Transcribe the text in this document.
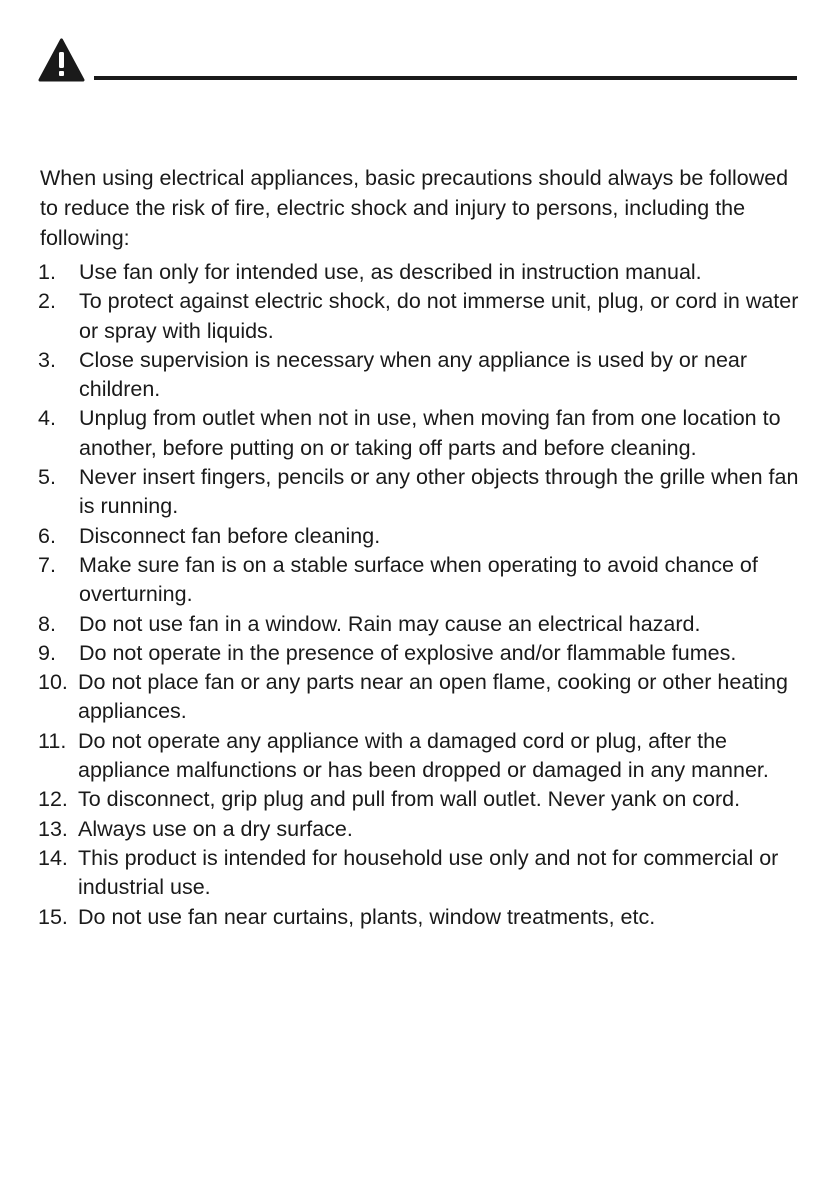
When using electrical appliances, basic precautions should always be followed to reduce the risk of fire, electric shock and injury to persons, including the following:

1. Use fan only for intended use, as described in instruction manual.
2. To protect against electric shock, do not immerse unit, plug, or cord in water or spray with liquids.
3. Close supervision is necessary when any appliance is used by or near children.
4. Unplug from outlet when not in use, when moving fan from one location to another, before putting on or taking off parts and before cleaning.
5. Never insert fingers, pencils or any other objects through the grille when fan is running.
6. Disconnect fan before cleaning.
7. Make sure fan is on a stable surface when operating to avoid chance of overturning.
8. Do not use fan in a window. Rain may cause an electrical hazard.
9. Do not operate in the presence of explosive and/or flammable fumes.
10. Do not place fan or any parts near an open flame, cooking or other heating appliances.
11. Do not operate any appliance with a damaged cord or plug, after the appliance malfunctions or has been dropped or damaged in any manner.
12. To disconnect, grip plug and pull from wall outlet. Never yank on cord.
13. Always use on a dry surface.
14. This product is intended for household use only and not for commercial or industrial use.
15. Do not use fan near curtains, plants, window treatments, etc.
